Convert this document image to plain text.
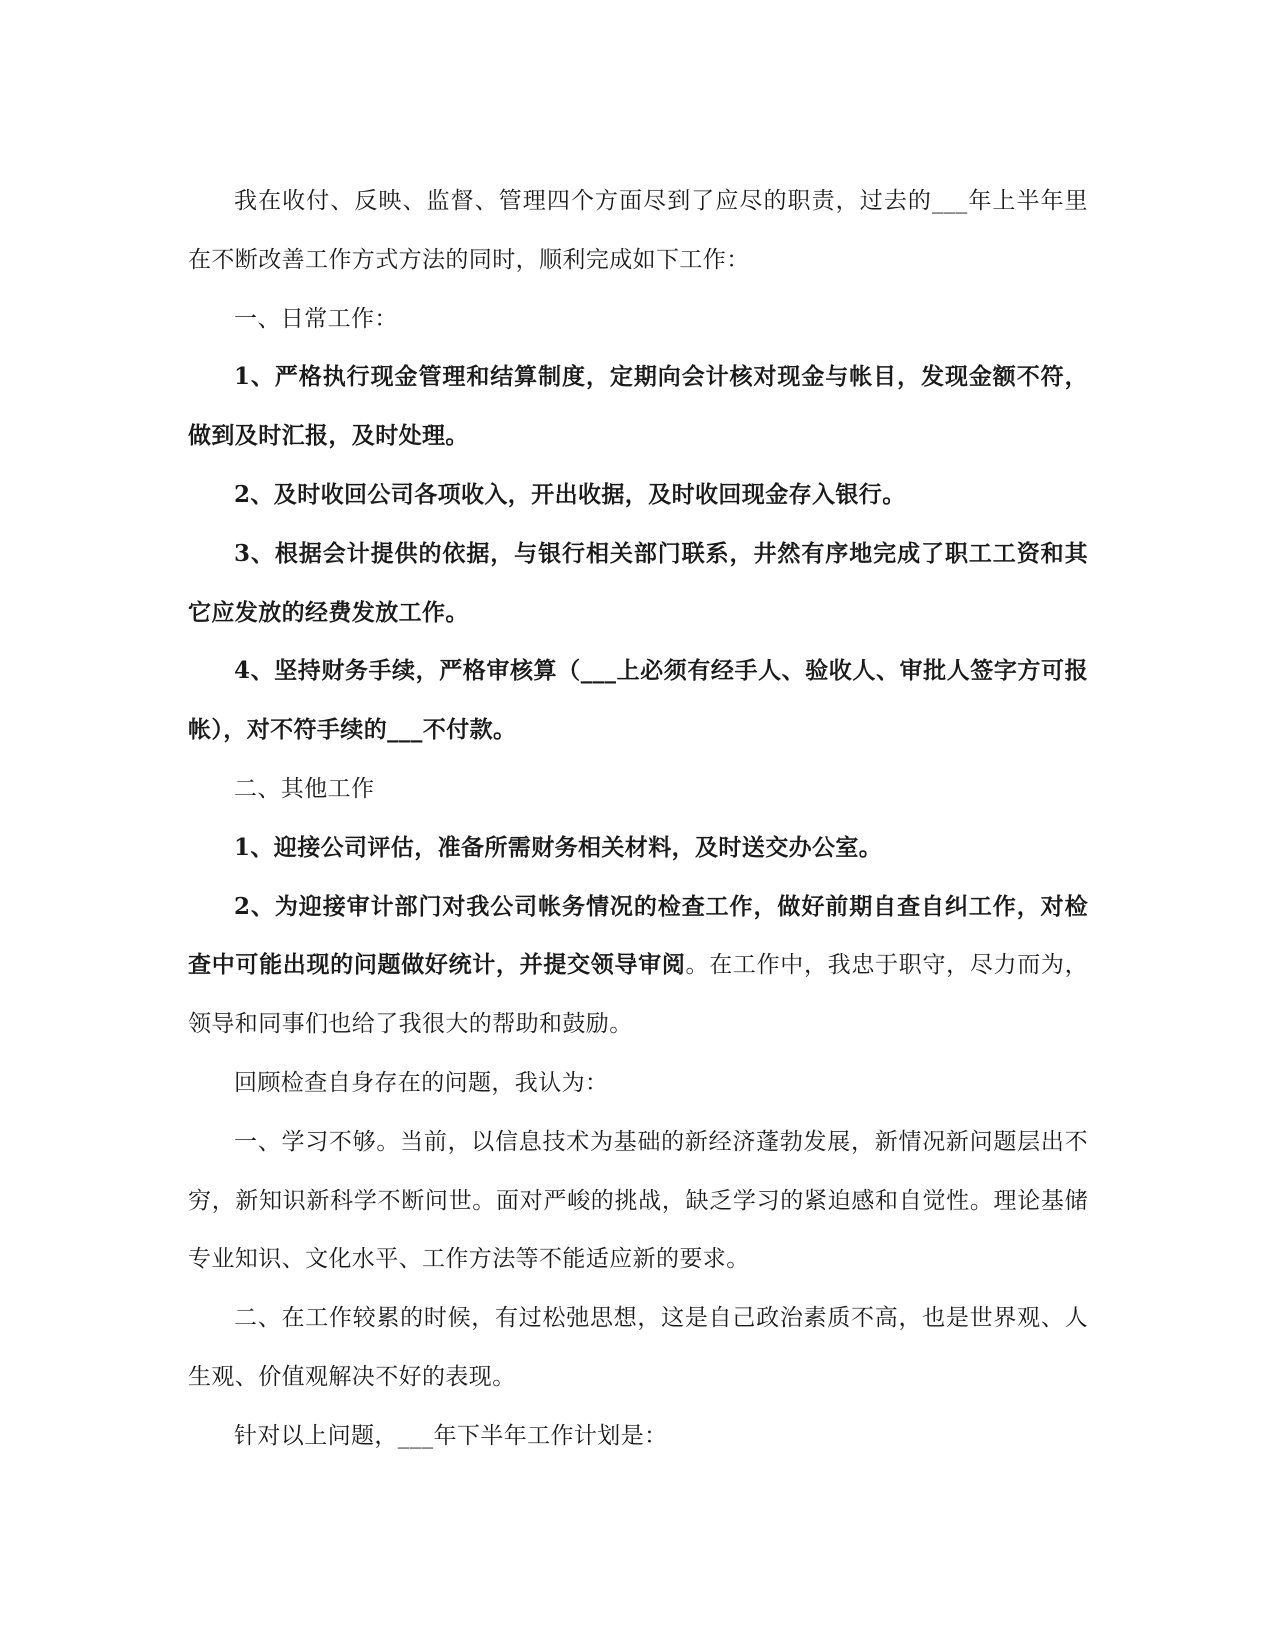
我在收付、反映、监督、管理四个方面尽到了应尽的职责，过去的___年上半年里在不断改善工作方式方法的同时，顺利完成如下工作：

一、日常工作：

1、严格执行现金管理和结算制度，定期向会计核对现金与帐目，发现金额不符，做到及时汇报，及时处理。

2、及时收回公司各项收入，开出收据，及时收回现金存入银行。

3、根据会计提供的依据，与银行相关部门联系，井然有序地完成了职工工资和其它应发放的经费发放工作。

4、坚持财务手续，严格审核算（___上必须有经手人、验收人、审批人签字方可报帐），对不符手续的___不付款。

二、其他工作

1、迎接公司评估，准备所需财务相关材料，及时送交办公室。

2、为迎接审计部门对我公司帐务情况的检查工作，做好前期自查自纠工作，对检查中可能出现的问题做好统计，并提交领导审阅。在工作中，我忠于职守，尽力而为，领导和同事们也给了我很大的帮助和鼓励。

回顾检查自身存在的问题，我认为：

一、学习不够。当前，以信息技术为基础的新经济蓬勃发展，新情况新问题层出不穷，新知识新科学不断问世。面对严峻的挑战，缺乏学习的紧迫感和自觉性。理论基储专业知识、文化水平、工作方法等不能适应新的要求。

二、在工作较累的时候，有过松弛思想，这是自己政治素质不高，也是世界观、人生观、价值观解决不好的表现。

针对以上问题，___年下半年工作计划是：
